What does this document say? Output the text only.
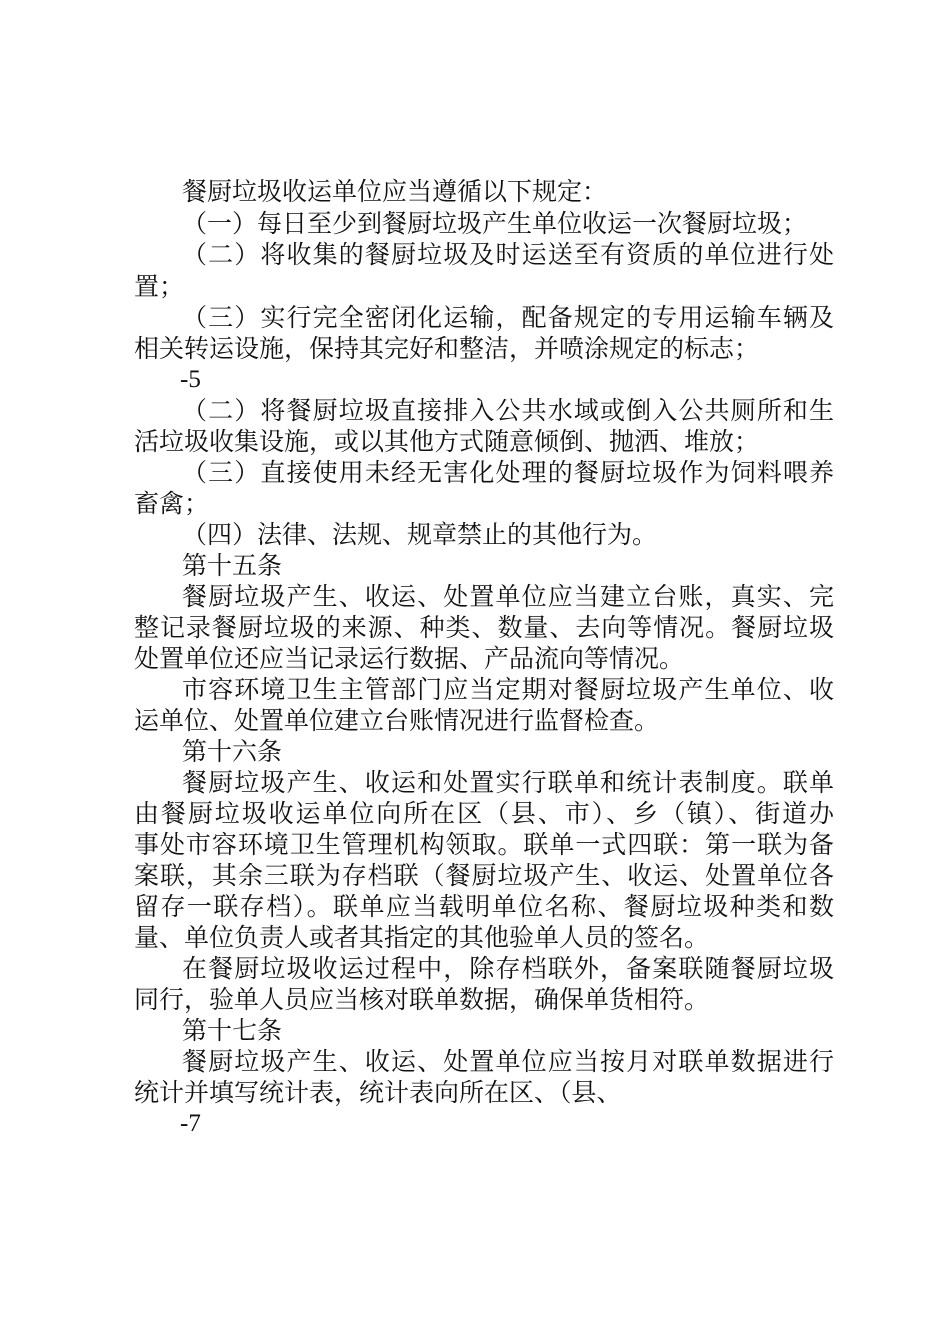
餐厨垃圾收运单位应当遵循以下规定：
（一）每日至少到餐厨垃圾产生单位收运一次餐厨垃圾；
（二）将收集的餐厨垃圾及时运送至有资质的单位进行处
置；
（三）实行完全密闭化运输，配备规定的专用运输车辆及
相关转运设施，保持其完好和整洁，并喷涂规定的标志；
-5
（二）将餐厨垃圾直接排入公共水域或倒入公共厕所和生
活垃圾收集设施，或以其他方式随意倾倒、抛洒、堆放；
（三）直接使用未经无害化处理的餐厨垃圾作为饲料喂养
畜禽；
（四）法律、法规、规章禁止的其他行为。
第十五条
餐厨垃圾产生、收运、处置单位应当建立台账，真实、完
整记录餐厨垃圾的来源、种类、数量、去向等情况。餐厨垃圾
处置单位还应当记录运行数据、产品流向等情况。
市容环境卫生主管部门应当定期对餐厨垃圾产生单位、收
运单位、处置单位建立台账情况进行监督检查。
第十六条
餐厨垃圾产生、收运和处置实行联单和统计表制度。联单
由餐厨垃圾收运单位向所在区（县、市）、乡（镇）、街道办
事处市容环境卫生管理机构领取。联单一式四联：第一联为备
案联，其余三联为存档联（餐厨垃圾产生、收运、处置单位各
留存一联存档）。联单应当载明单位名称、餐厨垃圾种类和数
量、单位负责人或者其指定的其他验单人员的签名。
在餐厨垃圾收运过程中，除存档联外，备案联随餐厨垃圾
同行，验单人员应当核对联单数据，确保单货相符。
第十七条
餐厨垃圾产生、收运、处置单位应当按月对联单数据进行
统计并填写统计表，统计表向所在区、（县、
-7
